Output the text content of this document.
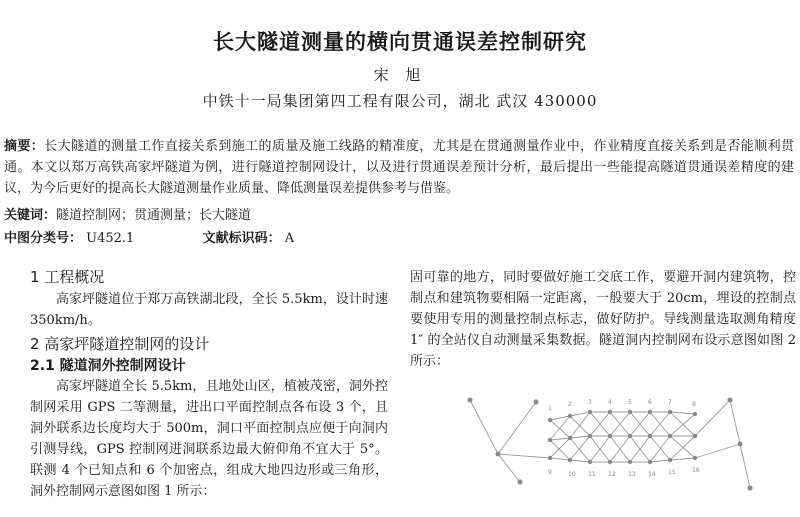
长大隧道测量的横向贯通误差控制研究
宋 旭
中铁十一局集团第四工程有限公司，湖北 武汉 430000
摘要：长大隧道的测量工作直接关系到施工的质量及施工线路的精准度，尤其是在贯通测量作业中，作业精度直接关系到是否能顺利贯通。本文以郑万高铁高家坪隧道为例，进行隧道控制网设计，以及进行贯通误差预计分析，最后提出一些能提高隧道贯通误差精度的建议，为今后更好的提高长大隧道测量作业质量、降低测量误差提供参考与借鉴。
关键词：隧道控制网；贯通测量；长大隧道
中图分类号： U452.1	文献标识码： A
1 工程概况
高家坪隧道位于郑万高铁湖北段，全长 5.5km，设计时速 350km/h。
2 高家坪隧道控制网的设计
2.1 隧道洞外控制网设计
高家坪隧道全长 5.5km，且地处山区，植被茂密，洞外控制网采用 GPS 二等测量，进出口平面控制点各布设 3 个，且洞外联系边长度均大于 500m，洞口平面控制点应便于向洞内引测导线，GPS 控制网进洞联系边最大俯仰角不宜大于 5°。联测 4 个已知点和 6 个加密点，组成大地四边形或三角形，洞外控制网示意图如图 1 所示：
固可靠的地方，同时要做好施工交底工作，要避开洞内建筑物，控制点和建筑物要相隔一定距离，一般要大于 20cm，埋设的控制点要使用专用的测量控制点标志，做好防护。导线测量选取测角精度 1″ 的全站仪自动测量采集数据。隧道洞内控制网布设示意图如图 2 所示：
1
2	3	4	5	6	7	8
9	10 11 12 13 14 15	16
